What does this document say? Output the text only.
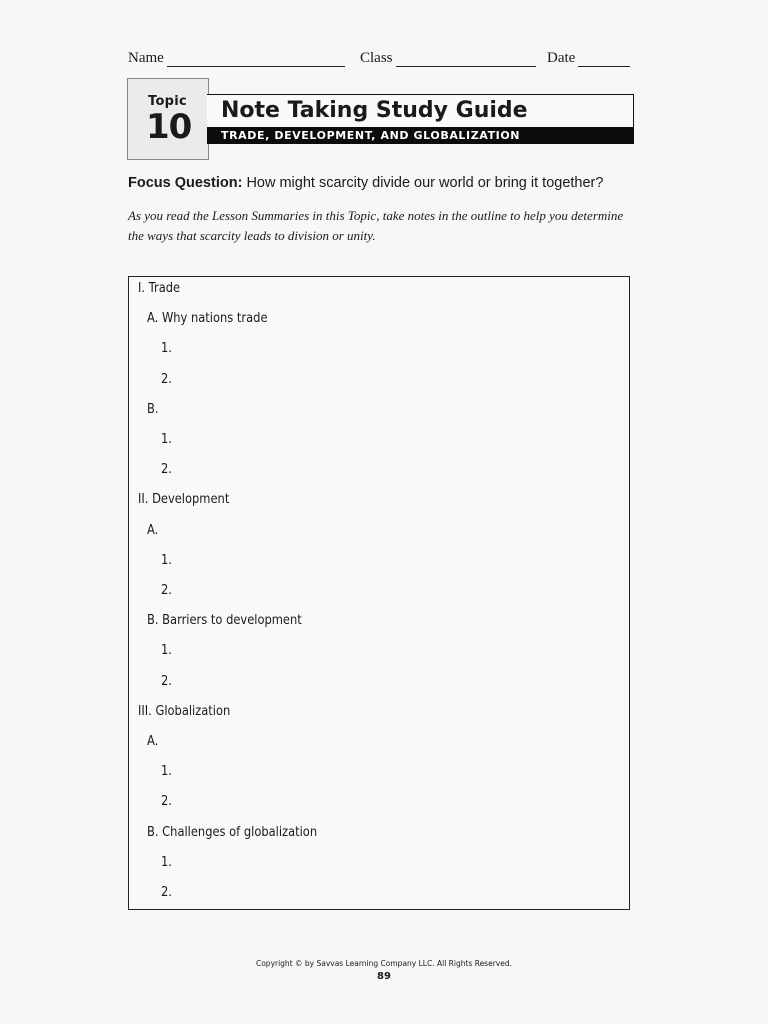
Name	Class	Date
Topic
10 Note Taking Study Guide
TRADE, DEVELOPMENT, AND GLOBALIZATION
Focus Question: How might scarcity divide our world or bring it together?
As you read the Lesson Summaries in this Topic, take notes in the outline to help you determine the ways that scarcity leads to division or unity.
I. Trade
A. Why nations trade
1.
2.
B.
1.
2.
II. Development
A.
1.
2.
B. Barriers to development
1.
2.
III. Globalization
A.
1.
2.
B. Challenges of globalization
1.
2.
Copyright © by Savvas Learning Company LLC. All Rights Reserved.
89
